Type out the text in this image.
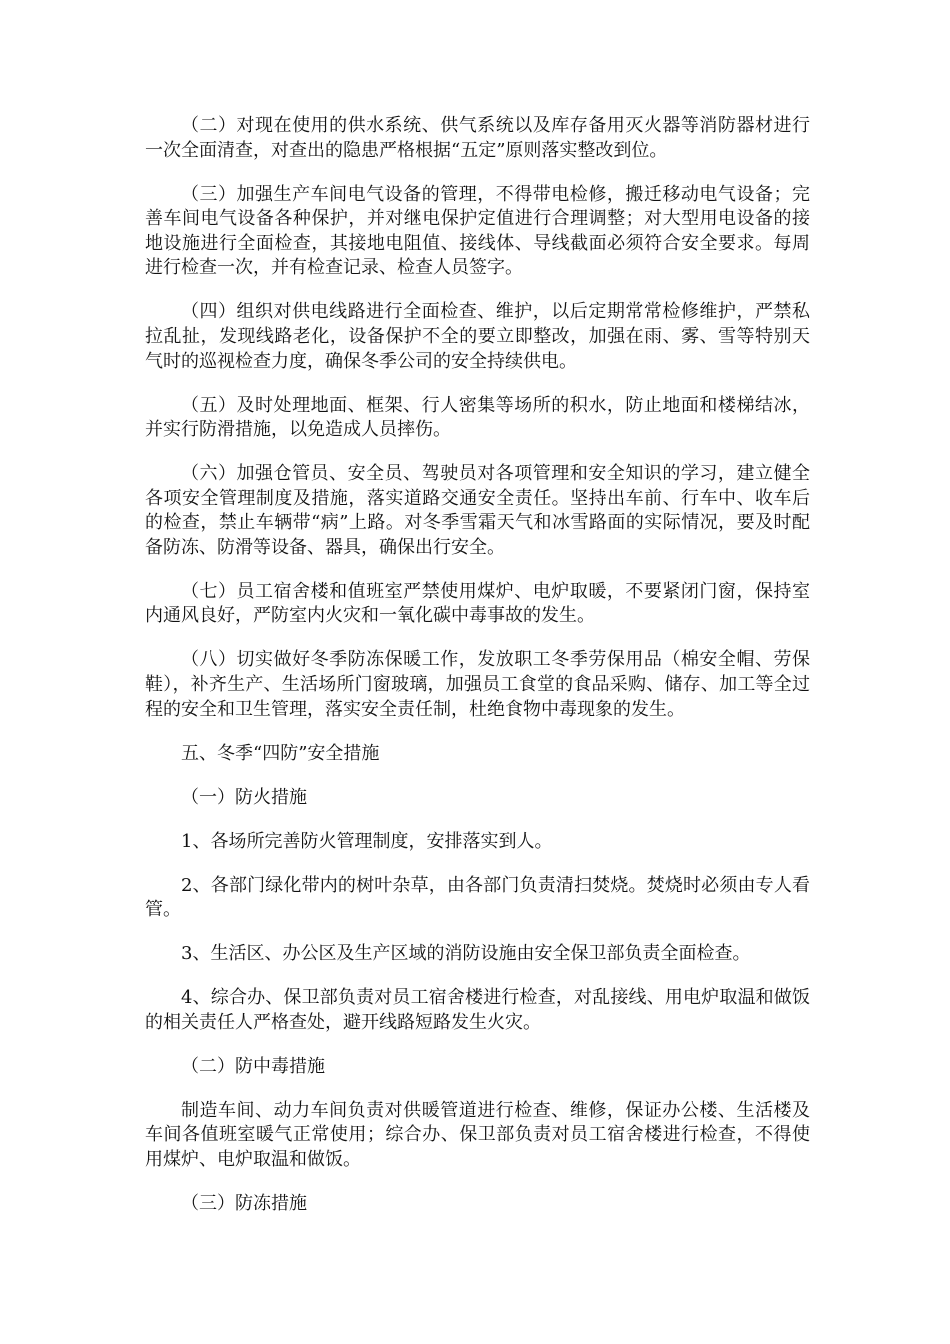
（二）对现在使用的供水系统、供气系统以及库存备用灭火器等消防器材进行一次全面清查，对查出的隐患严格根据“五定”原则落实整改到位。

（三）加强生产车间电气设备的管理，不得带电检修，搬迁移动电气设备；完善车间电气设备各种保护，并对继电保护定值进行合理调整；对大型用电设备的接地设施进行全面检查，其接地电阻值、接线体、导线截面必须符合安全要求。每周进行检查一次，并有检查记录、检查人员签字。

（四）组织对供电线路进行全面检查、维护，以后定期常常检修维护，严禁私拉乱扯，发现线路老化，设备保护不全的要立即整改，加强在雨、雾、雪等特别天气时的巡视检查力度，确保冬季公司的安全持续供电。

（五）及时处理地面、框架、行人密集等场所的积水，防止地面和楼梯结冰，并实行防滑措施，以免造成人员摔伤。

（六）加强仓管员、安全员、驾驶员对各项管理和安全知识的学习，建立健全各项安全管理制度及措施，落实道路交通安全责任。坚持出车前、行车中、收车后的检查，禁止车辆带“病”上路。对冬季雪霜天气和冰雪路面的实际情况，要及时配备防冻、防滑等设备、器具，确保出行安全。

（七）员工宿舍楼和值班室严禁使用煤炉、电炉取暖，不要紧闭门窗，保持室内通风良好，严防室内火灾和一氧化碳中毒事故的发生。

（八）切实做好冬季防冻保暖工作，发放职工冬季劳保用品（棉安全帽、劳保鞋），补齐生产、生活场所门窗玻璃，加强员工食堂的食品采购、储存、加工等全过程的安全和卫生管理，落实安全责任制，杜绝食物中毒现象的发生。

五、冬季“四防”安全措施

（一）防火措施

1、各场所完善防火管理制度，安排落实到人。

2、各部门绿化带内的树叶杂草，由各部门负责清扫焚烧。焚烧时必须由专人看管。

3、生活区、办公区及生产区域的消防设施由安全保卫部负责全面检查。

4、综合办、保卫部负责对员工宿舍楼进行检查，对乱接线、用电炉取温和做饭的相关责任人严格查处，避开线路短路发生火灾。

（二）防中毒措施

制造车间、动力车间负责对供暖管道进行检查、维修，保证办公楼、生活楼及车间各值班室暖气正常使用；综合办、保卫部负责对员工宿舍楼进行检查，不得使用煤炉、电炉取温和做饭。

（三）防冻措施
